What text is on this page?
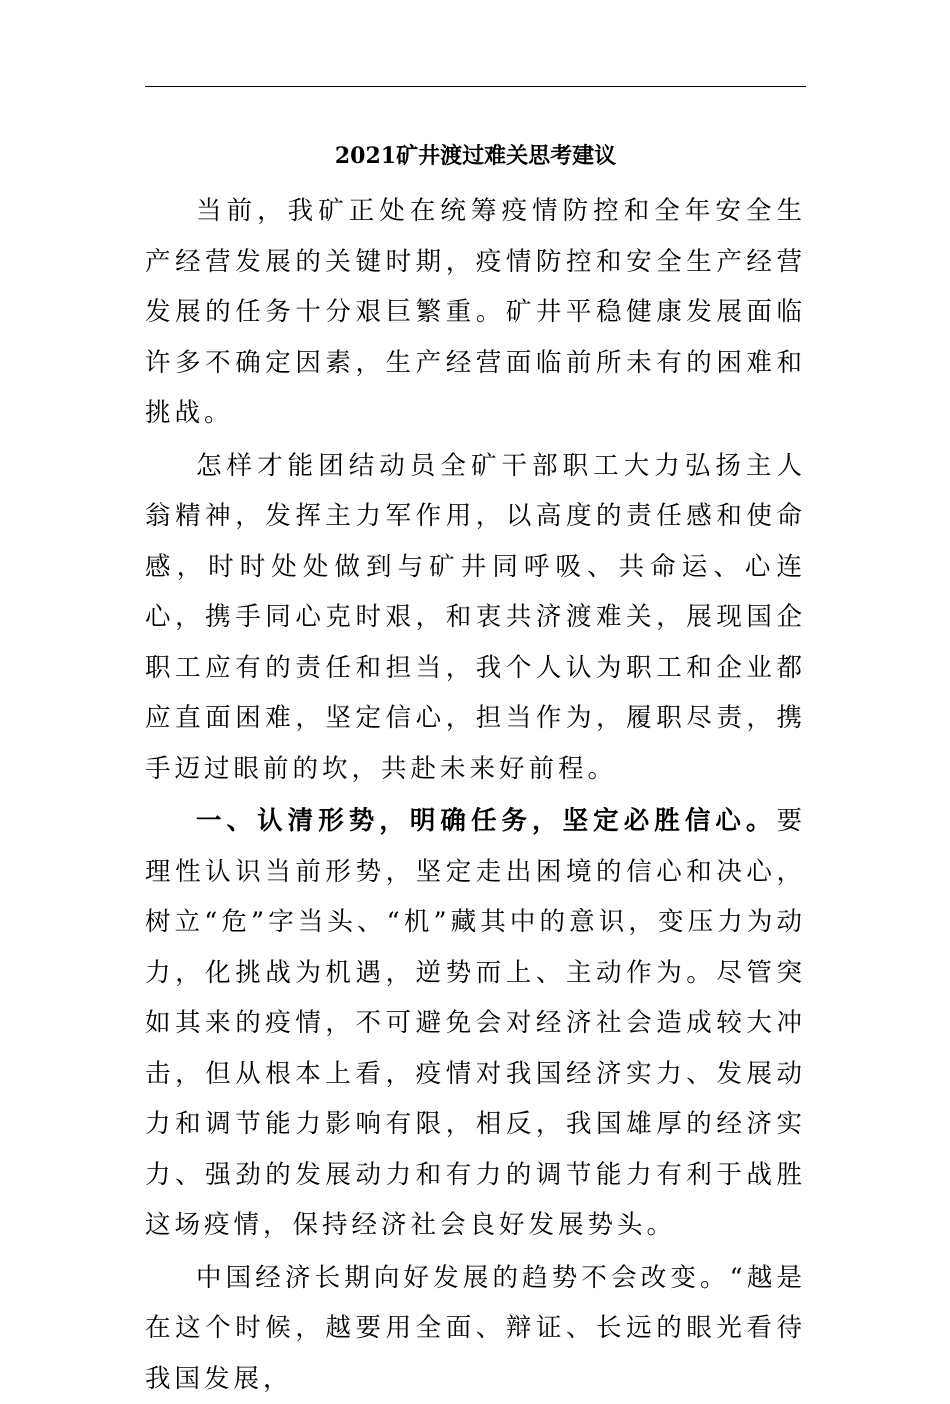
2021矿井渡过难关思考建议

当前，我矿正处在统筹疫情防控和全年安全生产经营发展的关键时期，疫情防控和安全生产经营发展的任务十分艰巨繁重。矿井平稳健康发展面临许多不确定因素，生产经营面临前所未有的困难和挑战。

怎样才能团结动员全矿干部职工大力弘扬主人翁精神，发挥主力军作用，以高度的责任感和使命感，时时处处做到与矿井同呼吸、共命运、心连心，携手同心克时艰，和衷共济渡难关，展现国企职工应有的责任和担当，我个人认为职工和企业都应直面困难，坚定信心，担当作为，履职尽责，携手迈过眼前的坎，共赴未来好前程。

一、认清形势，明确任务，坚定必胜信心。要理性认识当前形势，坚定走出困境的信心和决心，树立“危”字当头、“机”藏其中的意识，变压力为动力，化挑战为机遇，逆势而上、主动作为。尽管突如其来的疫情，不可避免会对经济社会造成较大冲击，但从根本上看，疫情对我国经济实力、发展动力和调节能力影响有限，相反，我国雄厚的经济实力、强劲的发展动力和有力的调节能力有利于战胜这场疫情，保持经济社会良好发展势头。

中国经济长期向好发展的趋势不会改变。“越是在这个时候，越要用全面、辩证、长远的眼光看待我国发展，
